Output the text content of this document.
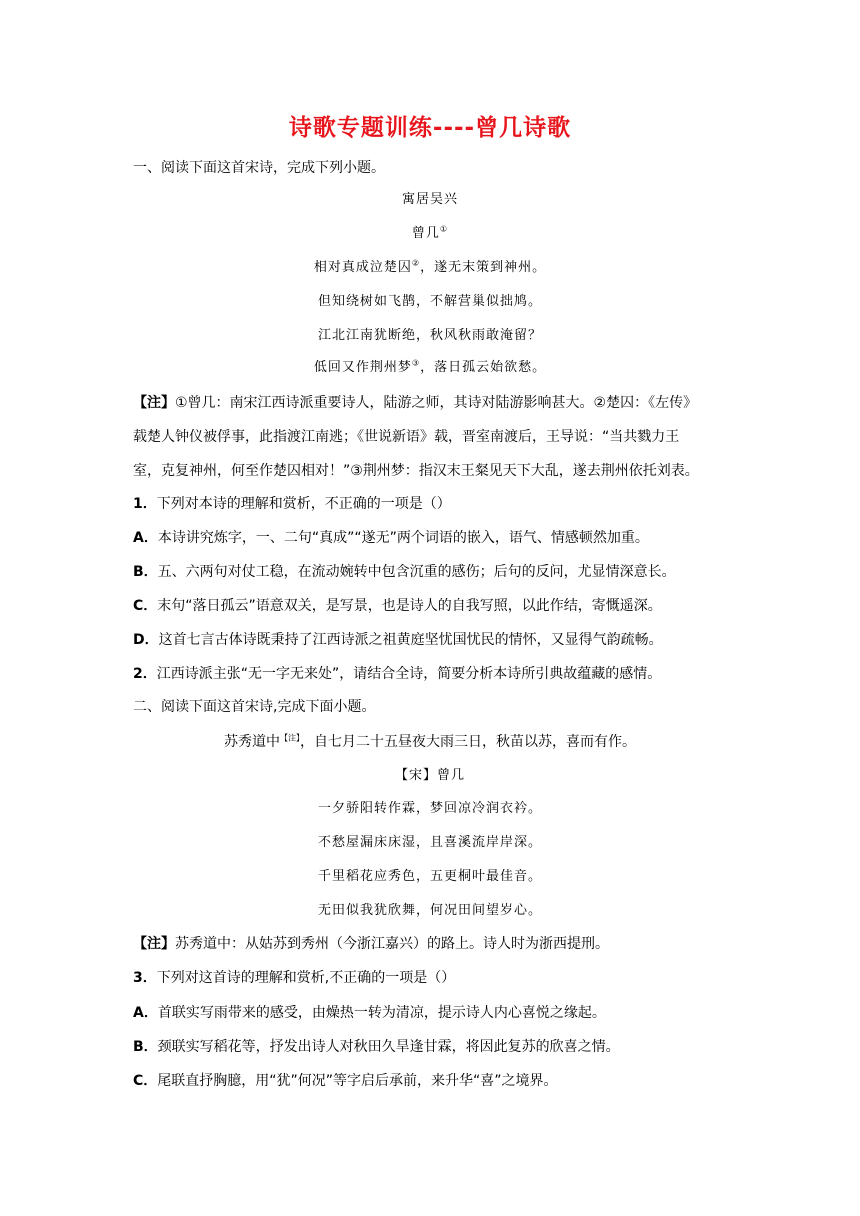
诗歌专题训练----曾几诗歌
一、阅读下面这首宋诗，完成下列小题。
寓居吴兴
曾几①
相对真成泣楚囚②，遂无末策到神州。
但知绕树如飞鹊，不解营巢似拙鸠。
江北江南犹断绝，秋风秋雨敢淹留？
低回又作荆州梦③，落日孤云始欲愁。
【注】①曾几：南宋江西诗派重要诗人，陆游之师，其诗对陆游影响甚大。②楚囚：《左传》
载楚人钟仪被俘事，此指渡江南逃；《世说新语》载，晋室南渡后，王导说：“当共戮力王
室，克复神州，何至作楚囚相对！”③荆州梦：指汉末王粲见天下大乱，遂去荆州依托刘表。
1．下列对本诗的理解和赏析，不正确的一项是（）
A．本诗讲究炼字，一、二句“真成”“遂无”两个词语的嵌入，语气、情感顿然加重。
B．五、六两句对仗工稳，在流动婉转中包含沉重的感伤；后句的反问，尤显情深意长。
C．末句“落日孤云”语意双关，是写景，也是诗人的自我写照，以此作结，寄慨遥深。
D．这首七言古体诗既秉持了江西诗派之祖黄庭坚忧国忧民的情怀，又显得气韵疏畅。
2．江西诗派主张“无一字无来处”，请结合全诗，简要分析本诗所引典故蕴藏的感情。
二、阅读下面这首宋诗,完成下面小题。
苏秀道中$^{【注】}$，自七月二十五昼夜大雨三日，秋苗以苏，喜而有作。
【宋】曾几
一夕骄阳转作霖，梦回凉冷润衣衿。
不愁屋漏床床湿，且喜溪流岸岸深。
千里稻花应秀色，五更桐叶最佳音。
无田似我犹欣舞，何况田间望岁心。
【注】苏秀道中：从姑苏到秀州（今浙江嘉兴）的路上。诗人时为浙西提刑。
3．下列对这首诗的理解和赏析,不正确的一项是（）
A．首联实写雨带来的感受，由燥热一转为清凉，提示诗人内心喜悦之缘起。
B．颈联实写稻花等，抒发出诗人对秋田久旱逢甘霖，将因此复苏的欣喜之情。
C．尾联直抒胸臆，用“犹”何况”等字启后承前，来升华“喜”之境界。
